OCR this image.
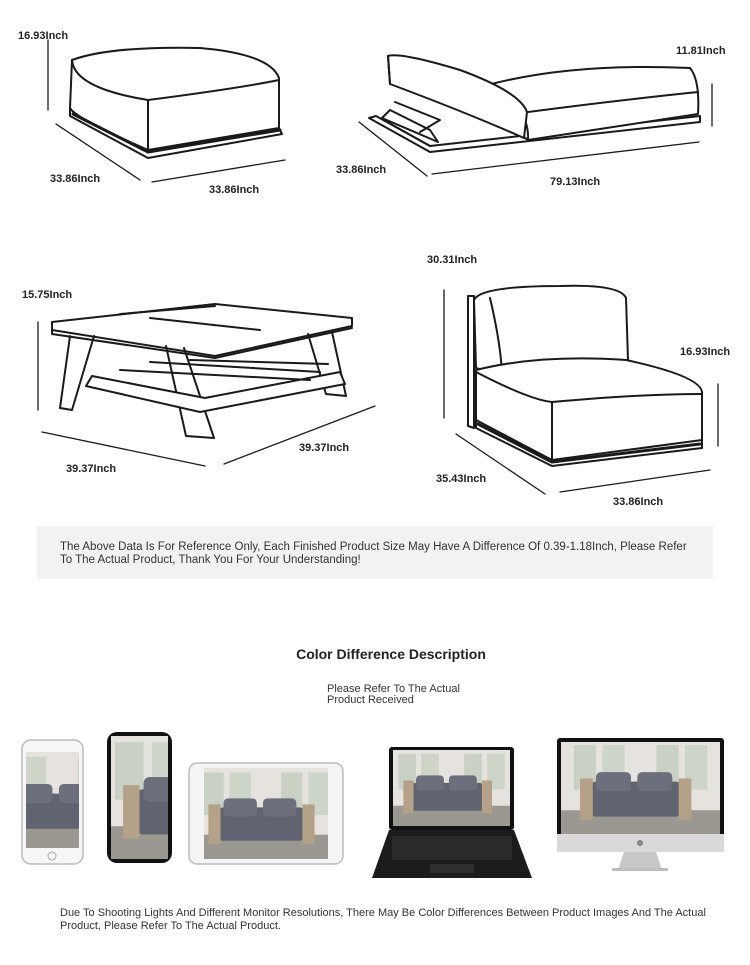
16.93Inch
33.86Inch
33.86Inch
11.81Inch
33.86Inch
79.13Inch
15.75Inch
39.37Inch
39.37Inch
30.31Inch
16.93Inch
35.43Inch
33.86Inch
The Above Data Is For Reference Only, Each Finished Product Size May Have A Difference Of 0.39-1.18Inch, Please Refer To The Actual Product, Thank You For Your Understanding!
Color Difference Description
Please Refer To The Actual
Product Received
Due To Shooting Lights And Different Monitor Resolutions, There May Be Color Differences Between Product Images And The Actual Product, Please Refer To The Actual Product.
